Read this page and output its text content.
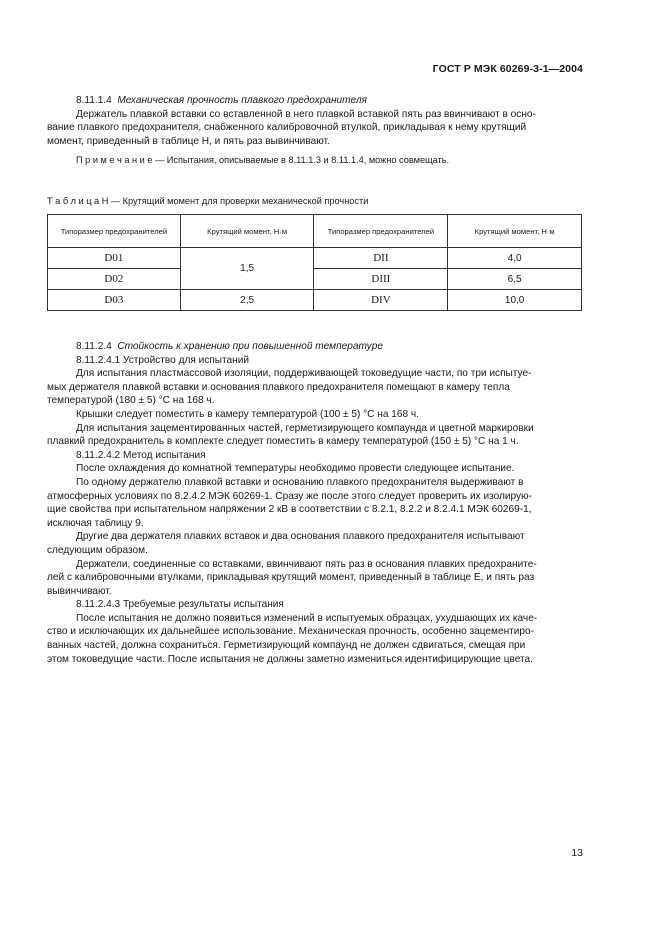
ГОСТ Р МЭК 60269-3-1—2004

8.11.1.4 Механическая прочность плавкого предохранителя

Держатель плавкой вставки со вставленной в него плавкой вставкой пять раз ввинчивают в осно-

вание плавкого предохранителя, снабженного калибровочной втулкой, прикладывая к нему крутящий

момент, приведенный в таблице Н, и пять раз вывинчивают.

П р и м е ч а н и е — Испытания, описываемые в 8.11.1.3 и 8.11.1.4, можно совмещать.

Т а б л и ц а Н — Крутящий момент для проверки механической прочности
Типоразмер предохранителей	Крутящий момент, Н·м	Типоразмер предохранителей	Крутящий момент, Н·м
D01	1,5	DII	4,0
D02		DIII	6,5
D03	2,5	DIV	10,0

8.11.2.4 Стойкость к хранению при повышенной температуре

8.11.2.4.1 Устройство для испытаний

Для испытания пластмассовой изоляции, поддерживающей токоведущие части, по три испытуе-

мых держателя плавкой вставки и основания плавкого предохранителя помещают в камеру тепла

температурой (180 ± 5) °С на 168 ч.

Крышки следует поместить в камеру температурой (100 ± 5) °С на 168 ч.

Для испытания зацементированных частей, герметизирующего компаунда и цветной маркировки

плавкий предохранитель в комплекте следует поместить в камеру температурой (150 ± 5) °С на 1 ч.

8.11.2.4.2 Метод испытания

После охлаждения до комнатной температуры необходимо провести следующее испытание.

По одному держателю плавкой вставки и основанию плавкого предохранителя выдерживают в

атмосферных условиях по 8.2.4.2 МЭК 60269-1. Сразу же после этого следует проверить их изолирую-

щие свойства при испытательном напряжении 2 кВ в соответствии с 8.2.1, 8.2.2 и 8.2.4.1 МЭК 60269-1,

исключая таблицу 9.

Другие два держателя плавких вставок и два основания плавкого предохранителя испытывают

следующим образом.

Держатели, соединенные со вставками, ввинчивают пять раз в основания плавких предохраните-

лей с калибровочными втулками, прикладывая крутящий момент, приведенный в таблице Е, и пять раз

вывинчивают.

8.11.2.4.3 Требуемые результаты испытания

После испытания не должно появиться изменений в испытуемых образцах, ухудшающих их каче-

ство и исключающих их дальнейшее использование. Механическая прочность, особенно зацементиро-

ванных частей, должна сохраниться. Герметизирующий компаунд не должен сдвигаться, смещая при

этом токоведущие части. После испытания не должны заметно измениться идентифицирующие цвета.

13
